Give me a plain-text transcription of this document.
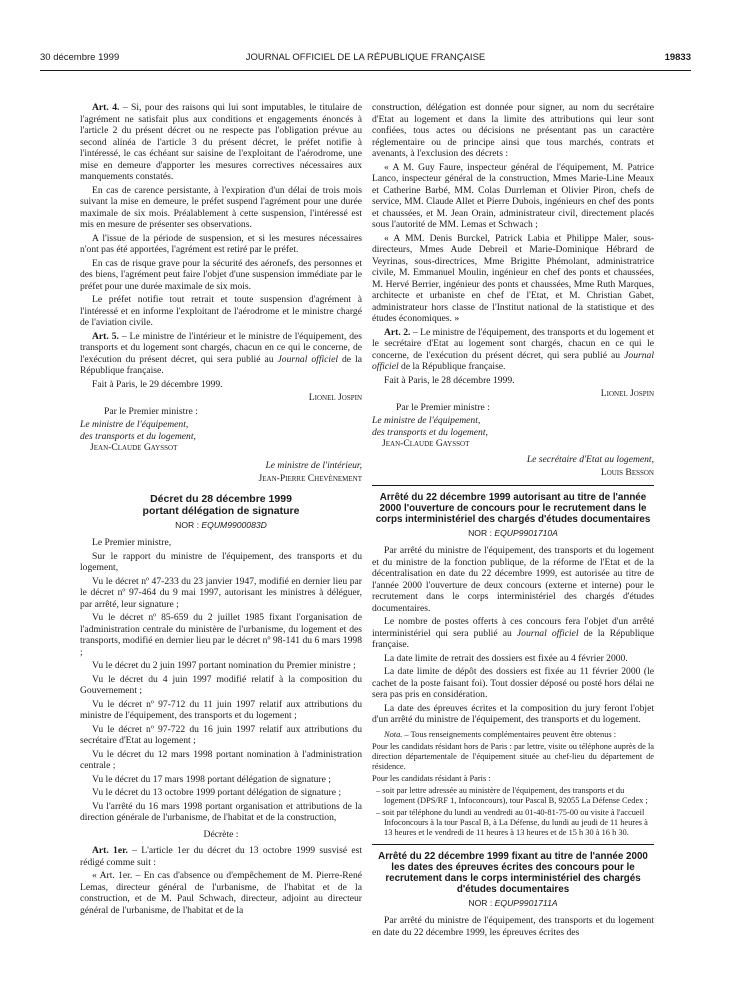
30 décembre 1999	JOURNAL OFFICIEL DE LA RÉPUBLIQUE FRANÇAISE	19833

Art. 4. – Si, pour des raisons qui lui sont imputables, le titulaire de l'agrément ne satisfait plus aux conditions et engagements énoncés à l'article 2 du présent décret ou ne respecte pas l'obligation prévue au second alinéa de l'article 3 du présent décret, le préfet notifie à l'intéressé, le cas échéant sur saisine de l'exploitant de l'aérodrome, une mise en demeure d'apporter les mesures correctives nécessaires aux manquements constatés.

En cas de carence persistante, à l'expiration d'un délai de trois mois suivant la mise en demeure, le préfet suspend l'agrément pour une durée maximale de six mois. Préalablement à cette suspension, l'intéressé est mis en mesure de présenter ses observations.

A l'issue de la période de suspension, et si les mesures nécessaires n'ont pas été apportées, l'agrément est retiré par le préfet.

En cas de risque grave pour la sécurité des aéronefs, des personnes et des biens, l'agrément peut faire l'objet d'une suspension immédiate par le préfet pour une durée maximale de six mois.

Le préfet notifie tout retrait et toute suspension d'agrément à l'intéressé et en informe l'exploitant de l'aérodrome et le ministre chargé de l'aviation civile.

Art. 5. – Le ministre de l'intérieur et le ministre de l'équipement, des transports et du logement sont chargés, chacun en ce qui le concerne, de l'exécution du présent décret, qui sera publié au Journal officiel de la République française.

Fait à Paris, le 29 décembre 1999.

Lionel Jospin

Par le Premier ministre :

Le ministre de l'équipement,
des transports et du logement,
Jean-Claude Gayssot
Le ministre de l'intérieur,
Jean-Pierre Chevènement
Décret du 28 décembre 1999
portant délégation de signature
NOR : EQUM9900083D

Le Premier ministre,

Sur le rapport du ministre de l'équipement, des transports et du logement,

Vu le décret nº 47-233 du 23 janvier 1947, modifié en dernier lieu par le décret nº 97-464 du 9 mai 1997, autorisant les ministres à déléguer, par arrêté, leur signature ;

Vu le décret nº 85-659 du 2 juillet 1985 fixant l'organisation de l'administration centrale du ministère de l'urbanisme, du logement et des transports, modifié en dernier lieu par le décret nº 98-141 du 6 mars 1998 ;

Vu le décret du 2 juin 1997 portant nomination du Premier ministre ;

Vu le décret du 4 juin 1997 modifié relatif à la composition du Gouvernement ;

Vu le décret nº 97-712 du 11 juin 1997 relatif aux attributions du ministre de l'équipement, des transports et du logement ;

Vu le décret nº 97-722 du 16 juin 1997 relatif aux attributions du secrétaire d'Etat au logement ;

Vu le décret du 12 mars 1998 portant nomination à l'administration centrale ;

Vu le décret du 17 mars 1998 portant délégation de signature ;

Vu le décret du 13 octobre 1999 portant délégation de signature ;

Vu l'arrêté du 16 mars 1998 portant organisation et attributions de la direction générale de l'urbanisme, de l'habitat et de la construction,

Décrète :

Art. 1er. – L'article 1er du décret du 13 octobre 1999 susvisé est rédigé comme suit :

« Art. 1er. – En cas d'absence ou d'empêchement de M. Pierre-René Lemas, directeur général de l'urbanisme, de l'habitat et de la construction, et de M. Paul Schwach, directeur, adjoint au directeur général de l'urbanisme, de l'habitat et de la

construction, délégation est donnée pour signer, au nom du secrétaire d'Etat au logement et dans la limite des attributions qui leur sont confiées, tous actes ou décisions ne présentant pas un caractère réglementaire ou de principe ainsi que tous marchés, contrats et avenants, à l'exclusion des décrets :

« A M. Guy Faure, inspecteur général de l'équipement, M. Patrice Lanco, inspecteur général de la construction, Mmes Marie-Line Meaux et Catherine Barbé, MM. Colas Durrleman et Olivier Piron, chefs de service, MM. Claude Allet et Pierre Dubois, ingénieurs en chef des ponts et chaussées, et M. Jean Orain, administrateur civil, directement placés sous l'autorité de MM. Lemas et Schwach ;

« A MM. Denis Burckel, Patrick Labia et Philippe Maler, sous-directeurs, Mmes Aude Debreil et Marie-Dominique Hébrard de Veyrinas, sous-directrices, Mme Brigitte Phémolant, administratrice civile, M. Emmanuel Moulin, ingénieur en chef des ponts et chaussées, M. Hervé Berrier, ingénieur des ponts et chaussées, Mme Ruth Marques, architecte et urbaniste en chef de l'Etat, et M. Christian Gabet, administrateur hors classe de l'Institut national de la statistique et des études économiques. »

Art. 2. – Le ministre de l'équipement, des transports et du logement et le secrétaire d'Etat au logement sont chargés, chacun en ce qui le concerne, de l'exécution du présent décret, qui sera publié au Journal officiel de la République française.

Fait à Paris, le 28 décembre 1999.

Lionel Jospin

Par le Premier ministre :

Le ministre de l'équipement,
des transports et du logement,
Jean-Claude Gayssot
Le secrétaire d'Etat au logement,
Louis Besson
Arrêté du 22 décembre 1999 autorisant au titre de l'année 2000 l'ouverture de concours pour le recrutement dans le corps interministériel des chargés d'études documentaires
NOR : EQUP9901710A

Par arrêté du ministre de l'équipement, des transports et du logement et du ministre de la fonction publique, de la réforme de l'Etat et de la décentralisation en date du 22 décembre 1999, est autorisée au titre de l'année 2000 l'ouverture de deux concours (externe et interne) pour le recrutement dans le corps interministériel des chargés d'études documentaires.

Le nombre de postes offerts à ces concours fera l'objet d'un arrêté interministériel qui sera publié au Journal officiel de la République française.

La date limite de retrait des dossiers est fixée au 4 février 2000.

La date limite de dépôt des dossiers est fixée au 11 février 2000 (le cachet de la poste faisant foi). Tout dossier déposé ou posté hors délai ne sera pas pris en considération.

La date des épreuves écrites et la composition du jury feront l'objet d'un arrêté du ministre de l'équipement, des transports et du logement.

Nota. – Tous renseignements complémentaires peuvent être obtenus :

Pour les candidats résidant hors de Paris : par lettre, visite ou téléphone auprès de la direction départementale de l'équipement située au chef-lieu du département de résidence.

Pour les candidats résidant à Paris :

– soit par lettre adressée au ministère de l'équipement, des transports et du logement (DPS/RF 1, Infoconcours), tour Pascal B, 92055 La Défense Cedex ;

– soit par téléphone du lundi au vendredi au 01-40-81-75-00 ou visite à l'accueil Infoconcours à la tour Pascal B, à La Défense, du lundi au jeudi de 11 heures à 13 heures et le vendredi de 11 heures à 13 heures et de 15 h 30 à 16 h 30.

Arrêté du 22 décembre 1999 fixant au titre de l'année 2000 les dates des épreuves écrites des concours pour le recrutement dans le corps interministériel des chargés d'études documentaires
NOR : EQUP9901711A

Par arrêté du ministre de l'équipement, des transports et du logement en date du 22 décembre 1999, les épreuves écrites des
